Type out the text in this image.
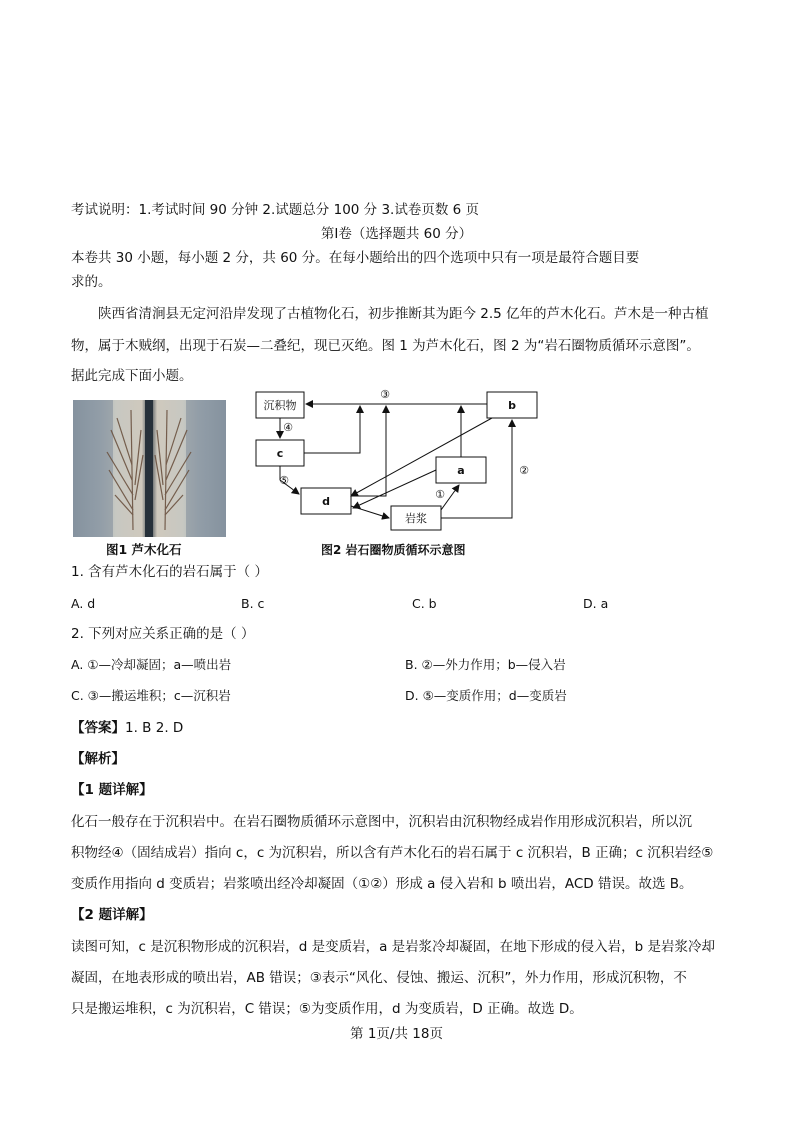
考试说明：1.考试时间 90 分钟 2.试题总分 100 分 3.试卷页数 6 页
第Ⅰ卷（选择题共 60 分）
本卷共 30 小题，每小题 2 分，共 60 分。在每小题给出的四个选项中只有一项是最符合题目要
求的。
陕西省清涧县无定河沿岸发现了古植物化石，初步推断其为距今 2.5 亿年的芦木化石。芦木是一种古植
物，属于木贼纲，出现于石炭—二叠纪，现已灭绝。图 1 为芦木化石，图 2 为“岩石圈物质循环示意图”。
据此完成下面小题。
图1 芦木化石
沉积物
c
d
岩浆
a
b
③
④
⑤
①
②
图2 岩石圈物质循环示意图
1. 含有芦木化石的岩石属于（ ）
A. d	B. c	C. b	D. a
2. 下列对应关系正确的是（ ）
A. ①—冷却凝固；a—喷出岩	B. ②—外力作用；b—侵入岩
C. ③—搬运堆积；c—沉积岩	D. ⑤—变质作用；d—变质岩
【答案】1. B 2. D
【解析】
【1 题详解】
化石一般存在于沉积岩中。在岩石圈物质循环示意图中，沉积岩由沉积物经成岩作用形成沉积岩，所以沉
积物经④（固结成岩）指向 c，c 为沉积岩，所以含有芦木化石的岩石属于 c 沉积岩，B 正确；c 沉积岩经⑤
变质作用指向 d 变质岩；岩浆喷出经冷却凝固（①②）形成 a 侵入岩和 b 喷出岩，ACD 错误。故选 B。
【2 题详解】
读图可知，c 是沉积物形成的沉积岩，d 是变质岩，a 是岩浆冷却凝固，在地下形成的侵入岩，b 是岩浆冷却
凝固，在地表形成的喷出岩，AB 错误；③表示“风化、侵蚀、搬运、沉积”，外力作用，形成沉积物，不
只是搬运堆积，c 为沉积岩，C 错误；⑤为变质作用，d 为变质岩，D 正确。故选 D。
第 1页/共 18页
